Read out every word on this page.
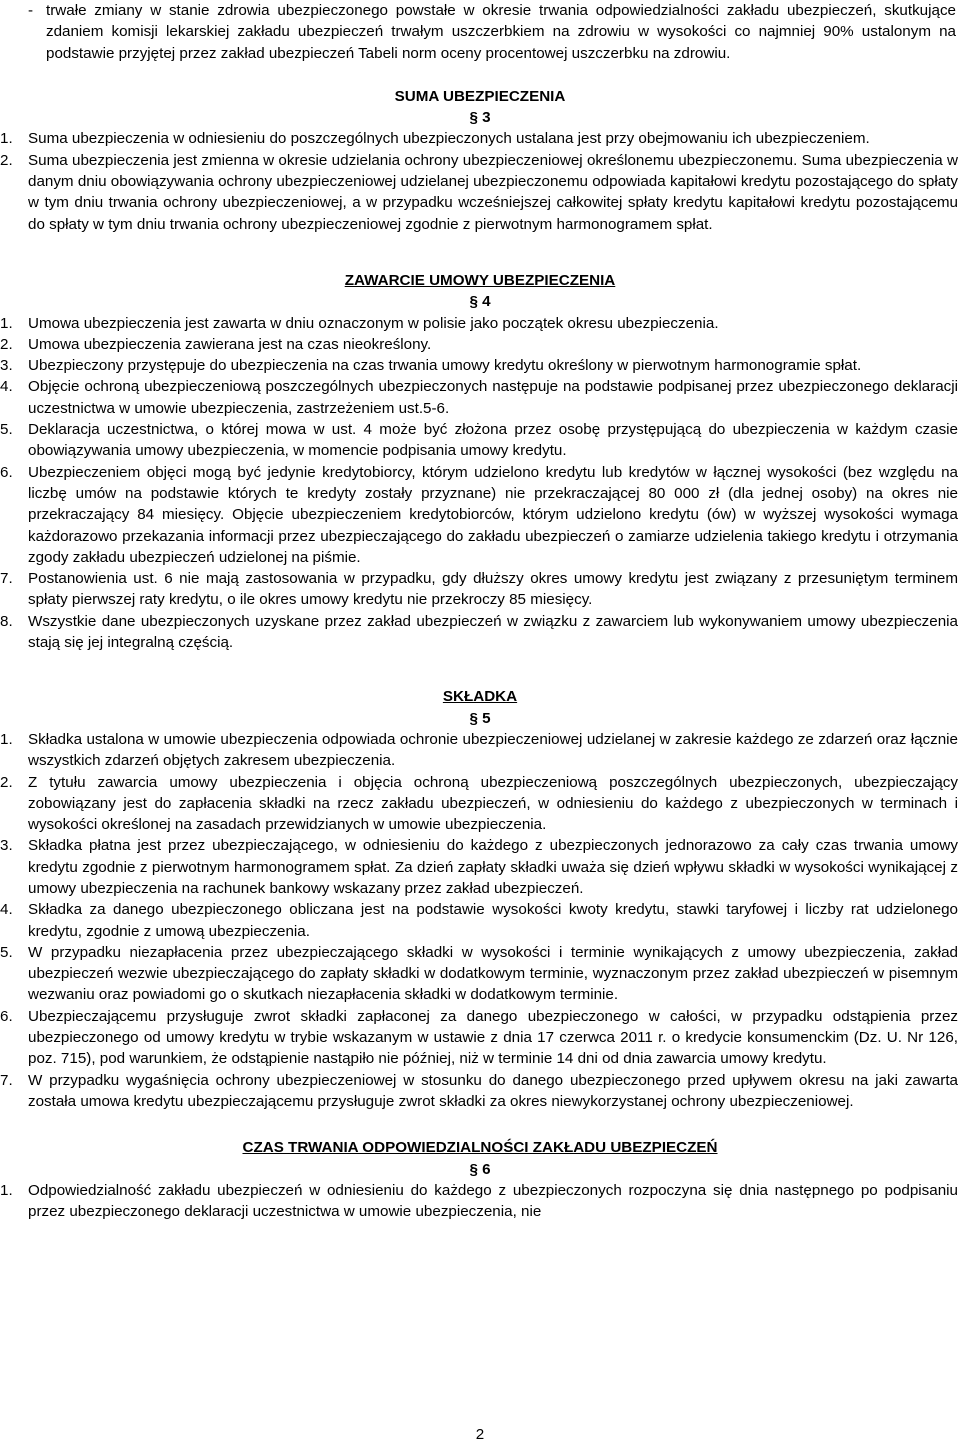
- trwałe zmiany w stanie zdrowia ubezpieczonego powstałe w okresie trwania odpowiedzialności zakładu ubezpieczeń, skutkujące zdaniem komisji lekarskiej zakładu ubezpieczeń trwałym uszczerbkiem na zdrowiu w wysokości co najmniej 90% ustalonym na podstawie przyjętej przez zakład ubezpieczeń Tabeli norm oceny procentowej uszczerbku na zdrowiu.
SUMA UBEZPIECZENIA
§ 3
1.	Suma ubezpieczenia w odniesieniu do poszczególnych ubezpieczonych ustalana jest przy obejmowaniu ich ubezpieczeniem.
2.	Suma ubezpieczenia jest zmienna w okresie udzielania ochrony ubezpieczeniowej określonemu ubezpieczonemu. Suma ubezpieczenia w danym dniu obowiązywania ochrony ubezpieczeniowej udzielanej ubezpieczonemu odpowiada kapitałowi kredytu pozostającego do spłaty w tym dniu trwania ochrony ubezpieczeniowej, a w przypadku wcześniejszej całkowitej spłaty kredytu kapitałowi kredytu pozostającemu do spłaty w tym dniu trwania ochrony ubezpieczeniowej zgodnie z pierwotnym harmonogramem spłat.
ZAWARCIE UMOWY UBEZPIECZENIA
§ 4
1.	Umowa ubezpieczenia jest zawarta w dniu oznaczonym w polisie jako początek okresu ubezpieczenia.
2.	Umowa ubezpieczenia zawierana jest na czas nieokreślony.
3.	Ubezpieczony przystępuje do ubezpieczenia na czas trwania umowy kredytu określony w pierwotnym harmonogramie spłat.
4.	Objęcie ochroną ubezpieczeniową poszczególnych ubezpieczonych następuje na podstawie podpisanej przez ubezpieczonego deklaracji uczestnictwa w umowie ubezpieczenia, zastrzeżeniem ust.5-6.
5.	Deklaracja uczestnictwa, o której mowa w ust. 4 może być złożona przez osobę przystępującą do ubezpieczenia w każdym czasie obowiązywania umowy ubezpieczenia, w momencie podpisania umowy kredytu.
6.	Ubezpieczeniem objęci mogą być jedynie kredytobiorcy, którym udzielono kredytu lub kredytów w łącznej wysokości (bez względu na liczbę umów na podstawie których te kredyty zostały przyznane) nie przekraczającej 80 000 zł (dla jednej osoby) na okres nie przekraczający 84 miesięcy. Objęcie ubezpieczeniem kredytobiorców, którym udzielono kredytu (ów) w wyższej wysokości wymaga każdorazowo przekazania informacji przez ubezpieczającego do zakładu ubezpieczeń o zamiarze udzielenia takiego kredytu i otrzymania zgody zakładu ubezpieczeń udzielonej na piśmie.
7.	Postanowienia ust. 6 nie mają zastosowania w przypadku, gdy dłuższy okres umowy kredytu jest związany z przesuniętym terminem spłaty pierwszej raty kredytu, o ile okres umowy kredytu nie przekroczy 85 miesięcy.
8.	Wszystkie dane ubezpieczonych uzyskane przez zakład ubezpieczeń w związku z zawarciem lub wykonywaniem umowy ubezpieczenia stają się jej integralną częścią.
SKŁADKA
§ 5
1.	Składka ustalona w umowie ubezpieczenia odpowiada ochronie ubezpieczeniowej udzielanej w zakresie każdego ze zdarzeń oraz łącznie wszystkich zdarzeń objętych zakresem ubezpieczenia.
2.	Z tytułu zawarcia umowy ubezpieczenia i objęcia ochroną ubezpieczeniową poszczególnych ubezpieczonych, ubezpieczający zobowiązany jest do zapłacenia składki na rzecz zakładu ubezpieczeń, w odniesieniu do każdego z ubezpieczonych w terminach i wysokości określonej na zasadach przewidzianych w umowie ubezpieczenia.
3.	Składka płatna jest przez ubezpieczającego, w odniesieniu do każdego z ubezpieczonych jednorazowo za cały czas trwania umowy kredytu zgodnie z pierwotnym harmonogramem spłat. Za dzień zapłaty składki uważa się dzień wpływu składki w wysokości wynikającej z umowy ubezpieczenia na rachunek bankowy wskazany przez zakład ubezpieczeń.
4.	Składka za danego ubezpieczonego obliczana jest na podstawie wysokości kwoty kredytu, stawki taryfowej i liczby rat udzielonego kredytu, zgodnie z umową ubezpieczenia.
5.	W przypadku niezapłacenia przez ubezpieczającego składki w wysokości i terminie wynikających z umowy ubezpieczenia, zakład ubezpieczeń wezwie ubezpieczającego do zapłaty składki w dodatkowym terminie, wyznaczonym przez zakład ubezpieczeń w pisemnym wezwaniu oraz powiadomi go o skutkach niezapłacenia składki w dodatkowym terminie.
6.	Ubezpieczającemu przysługuje zwrot składki zapłaconej za danego ubezpieczonego w całości, w przypadku odstąpienia przez ubezpieczonego od umowy kredytu w trybie wskazanym w ustawie z dnia 17 czerwca 2011 r. o kredycie konsumenckim (Dz. U. Nr 126, poz. 715), pod warunkiem, że odstąpienie nastąpiło nie później, niż w terminie 14 dni od dnia zawarcia umowy kredytu.
7.	W przypadku wygaśnięcia ochrony ubezpieczeniowej w stosunku do danego ubezpieczonego przed upływem okresu na jaki zawarta została umowa kredytu ubezpieczającemu przysługuje zwrot składki za okres niewykorzystanej ochrony ubezpieczeniowej.
CZAS TRWANIA ODPOWIEDZIALNOŚCI ZAKŁADU UBEZPIECZEŃ
§ 6
1.	Odpowiedzialność zakładu ubezpieczeń w odniesieniu do każdego z ubezpieczonych rozpoczyna się dnia następnego po podpisaniu przez ubezpieczonego deklaracji uczestnictwa w umowie ubezpieczenia, nie
2
